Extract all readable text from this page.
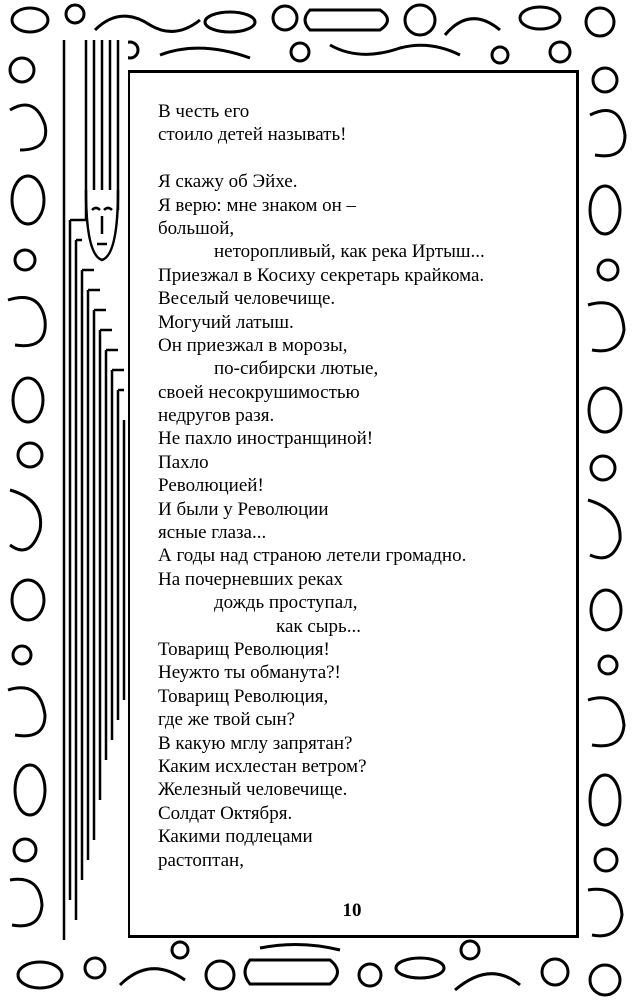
В честь его
стоило детей называть!
Я скажу об Эйхе.
Я верю: мне знаком он –
большой,
неторопливый, как река Иртыш...
Приезжал в Косиху секретарь крайкома.
Веселый человечище.
Могучий латыш.
Он приезжал в морозы,
по-сибирски лютые,
своей несокрушимостью
недругов разя.
Не пахло иностранщиной!
Пахло
Революцией!
И были у Революции
ясные глаза...
А годы над страною летели громадно.
На почерневших реках
дождь проступал,
как сырь...
Товарищ Революция!
Неужто ты обманута?!
Товарищ Революция,
где же твой сын?
В какую мглу запрятан?
Каким исхлестан ветром?
Железный человечище.
Солдат Октября.
Какими подлецами
растоптан,
10
